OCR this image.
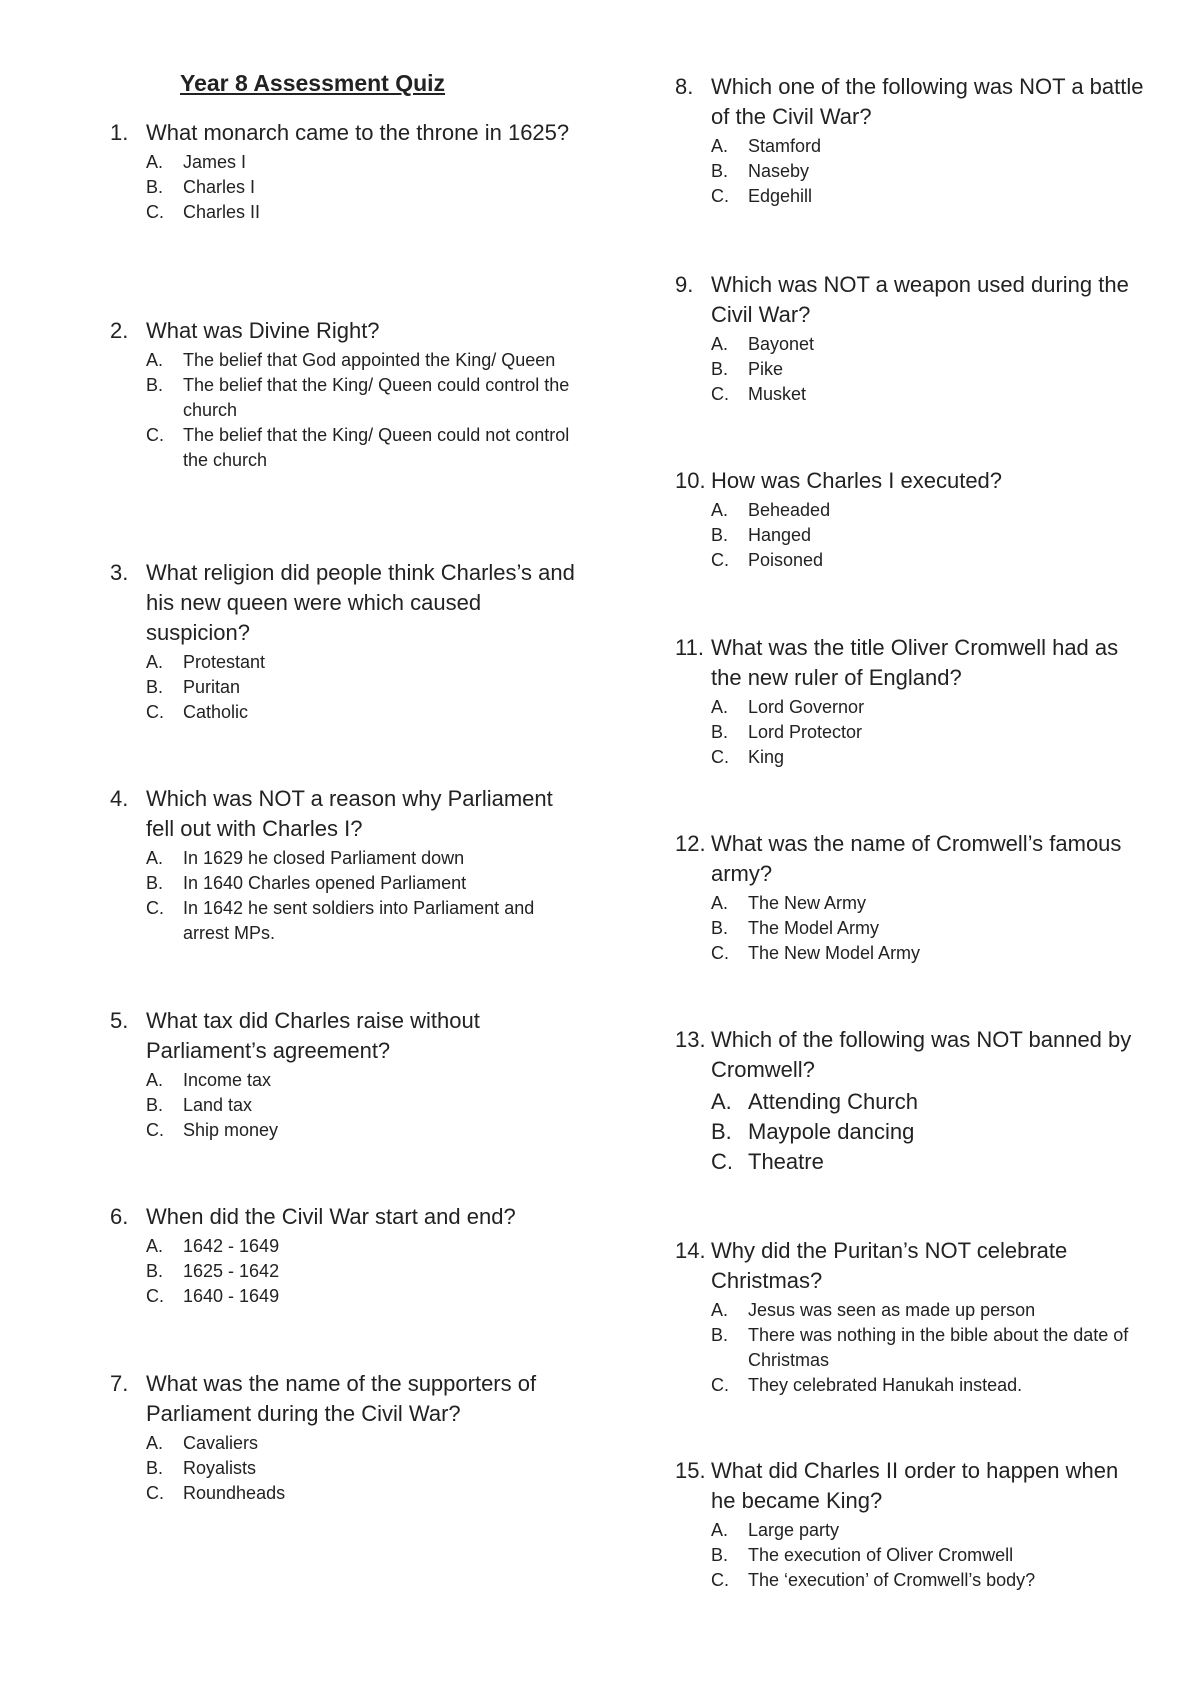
Year 8 Assessment Quiz
1. What monarch came to the throne in 1625?
A. James I
B. Charles I
C. Charles II
2. What was Divine Right?
A. The belief that God appointed the King/ Queen
B. The belief that the King/ Queen could control the church
C. The belief that the King/ Queen could not control the church
3. What religion did people think Charles’s and his new queen were which caused suspicion?
A. Protestant
B. Puritan
C. Catholic
4. Which was NOT a reason why Parliament fell out with Charles I?
A. In 1629 he closed Parliament down
B. In 1640 Charles opened Parliament
C. In 1642 he sent soldiers into Parliament and arrest MPs.
5. What tax did Charles raise without Parliament’s agreement?
A. Income tax
B. Land tax
C. Ship money
6. When did the Civil War start and end?
A. 1642 - 1649
B. 1625 - 1642
C. 1640 - 1649
7. What was the name of the supporters of Parliament during the Civil War?
A. Cavaliers
B. Royalists
C. Roundheads
8. Which one of the following was NOT a battle of the Civil War?
A. Stamford
B. Naseby
C. Edgehill
9. Which was NOT a weapon used during the Civil War?
A. Bayonet
B. Pike
C. Musket
10. How was Charles I executed?
A. Beheaded
B. Hanged
C. Poisoned
11. What was the title Oliver Cromwell had as the new ruler of England?
A. Lord Governor
B. Lord Protector
C. King
12. What was the name of Cromwell’s famous army?
A. The New Army
B. The Model Army
C. The New Model Army
13. Which of the following was NOT banned by Cromwell?
A. Attending Church
B. Maypole dancing
C. Theatre
14. Why did the Puritan’s NOT celebrate Christmas?
A. Jesus was seen as made up person
B. There was nothing in the bible about the date of Christmas
C. They celebrated Hanukah instead.
15. What did Charles II order to happen when he became King?
A. Large party
B. The execution of Oliver Cromwell
C. The ‘execution’ of Cromwell’s body?
